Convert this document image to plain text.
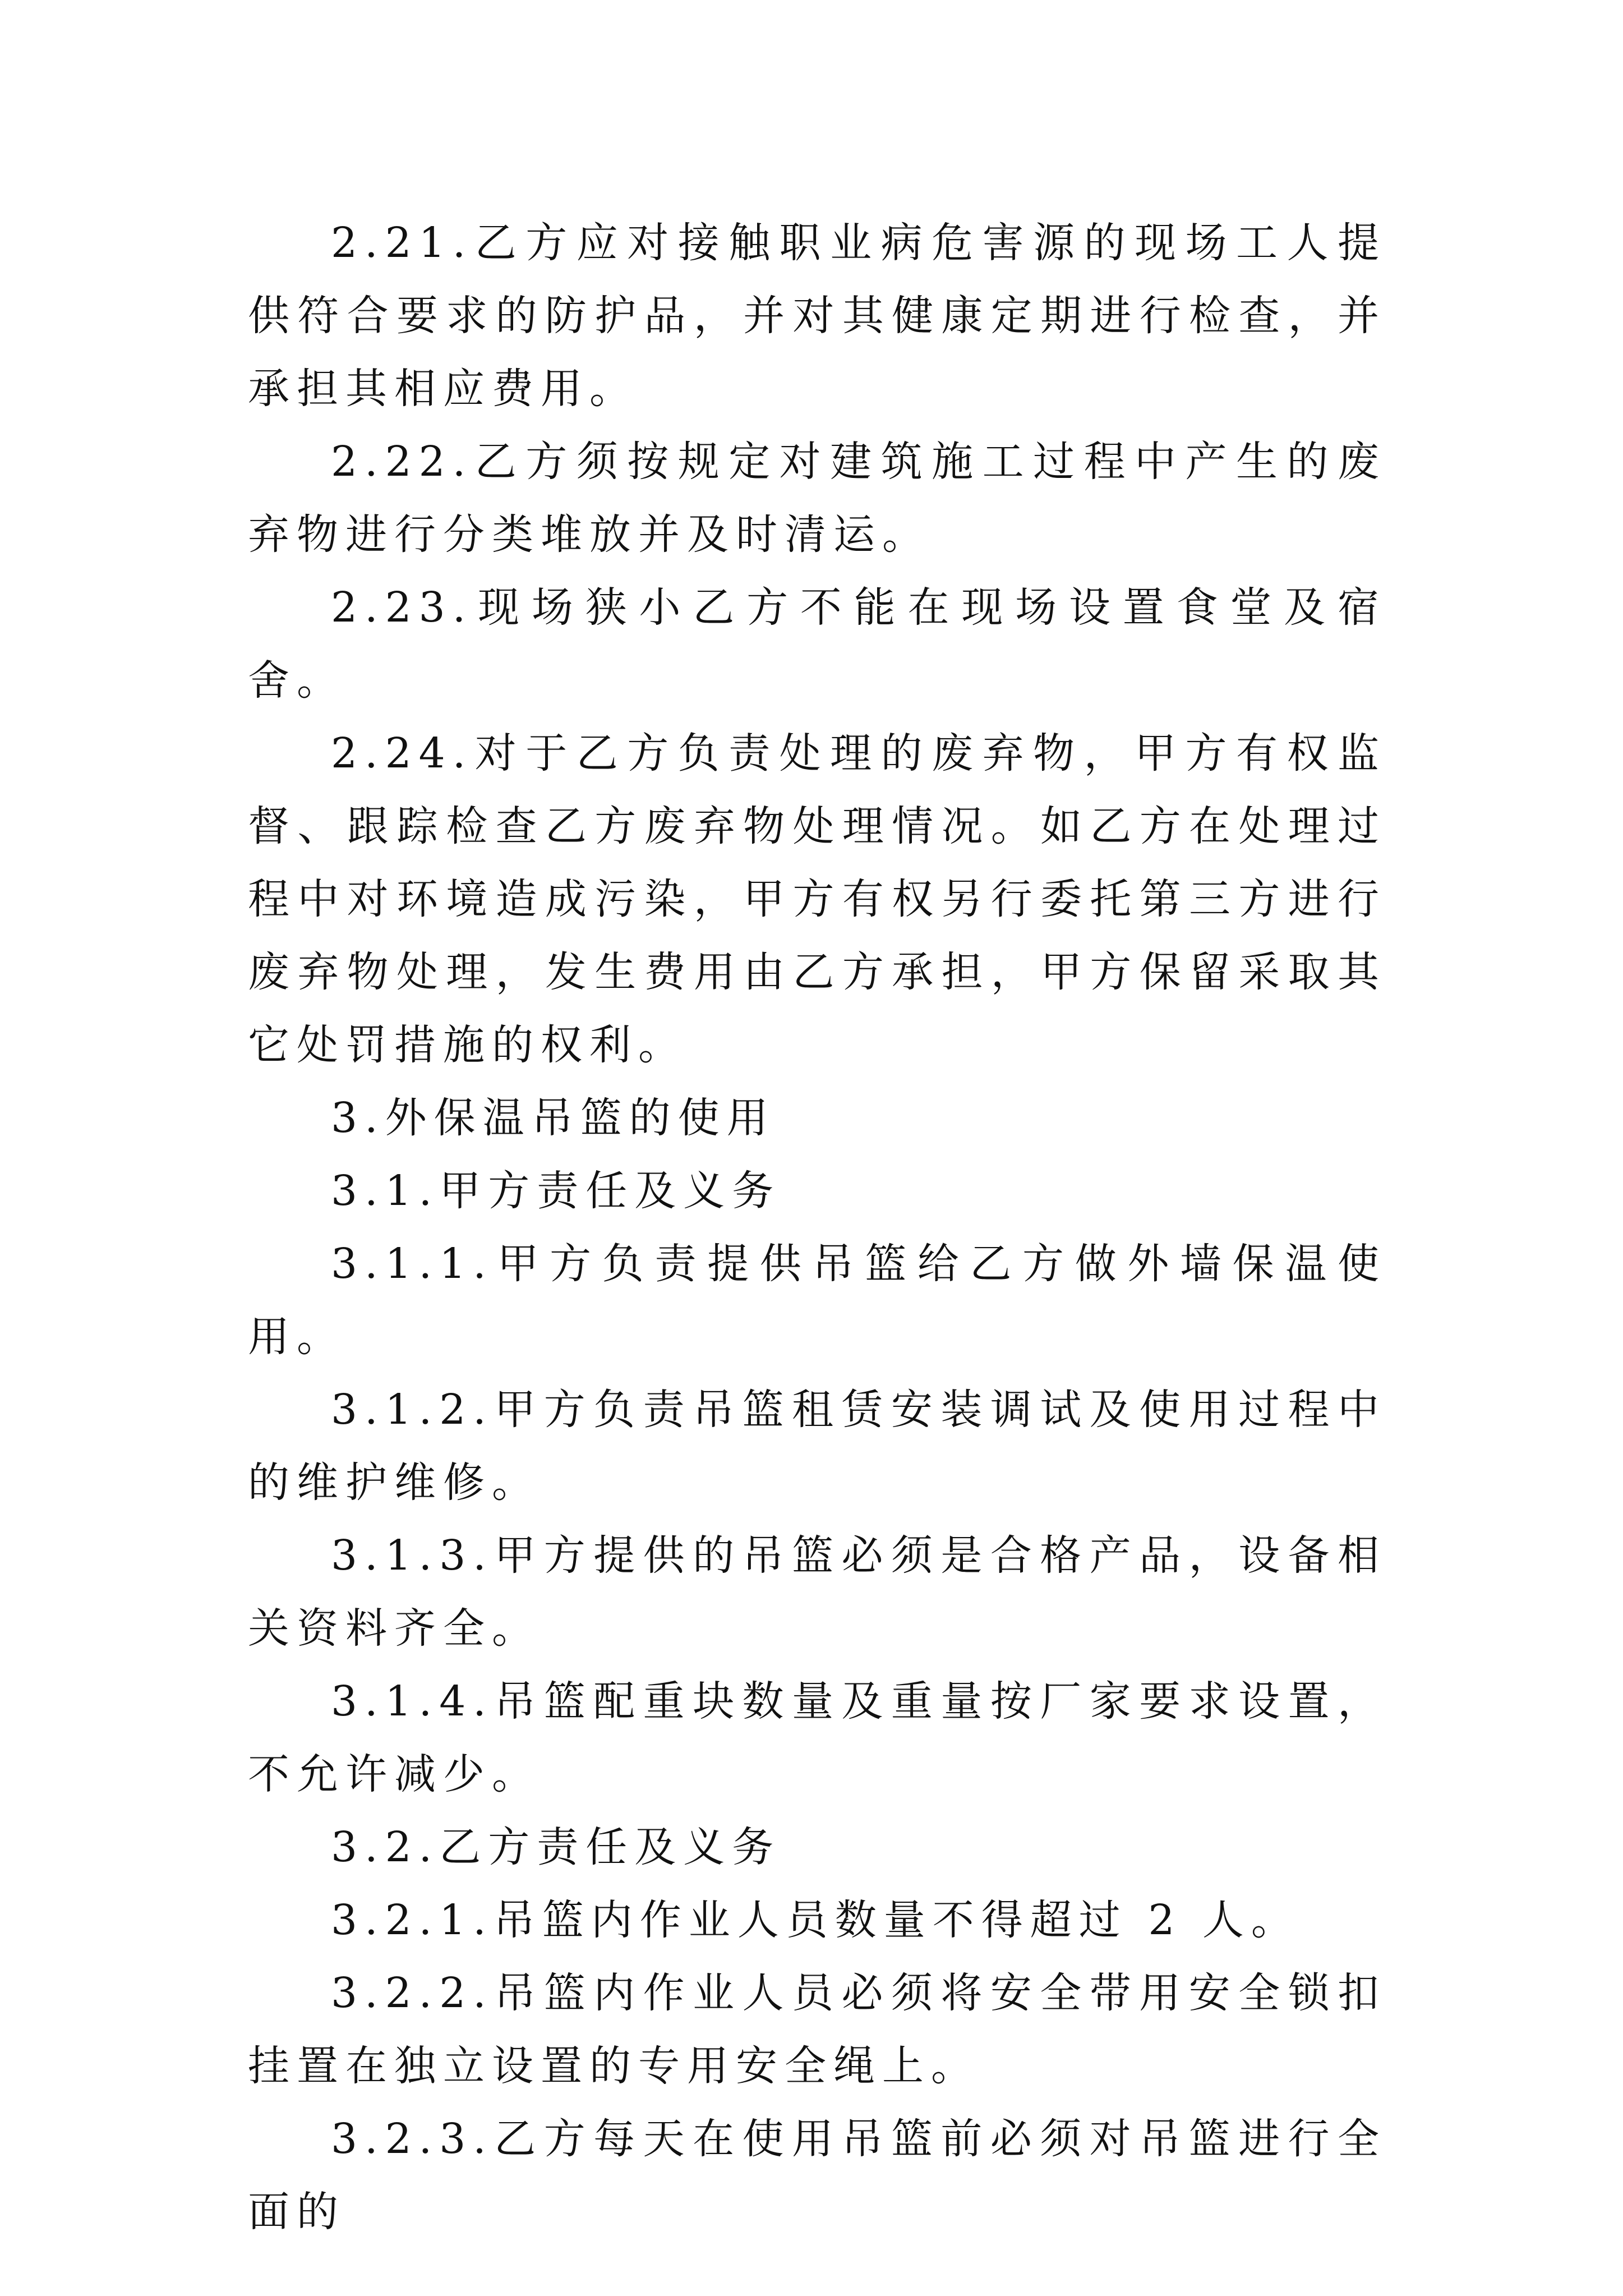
2.21.乙方应对接触职业病危害源的现场工人提供符合要求的防护品，并对其健康定期进行检查，并承担其相应费用。

2.22.乙方须按规定对建筑施工过程中产生的废弃物进行分类堆放并及时清运。

2.23.现场狭小乙方不能在现场设置食堂及宿舍。

2.24.对于乙方负责处理的废弃物，甲方有权监督、跟踪检查乙方废弃物处理情况。如乙方在处理过程中对环境造成污染，甲方有权另行委托第三方进行废弃物处理，发生费用由乙方承担，甲方保留采取其它处罚措施的权利。

3.外保温吊篮的使用

3.1.甲方责任及义务

3.1.1.甲方负责提供吊篮给乙方做外墙保温使用。

3.1.2.甲方负责吊篮租赁安装调试及使用过程中的维护维修。

3.1.3.甲方提供的吊篮必须是合格产品，设备相关资料齐全。

3.1.4.吊篮配重块数量及重量按厂家要求设置，不允许减少。

3.2.乙方责任及义务

3.2.1.吊篮内作业人员数量不得超过 2 人。

3.2.2.吊篮内作业人员必须将安全带用安全锁扣挂置在独立设置的专用安全绳上。

3.2.3.乙方每天在使用吊篮前必须对吊篮进行全面的
